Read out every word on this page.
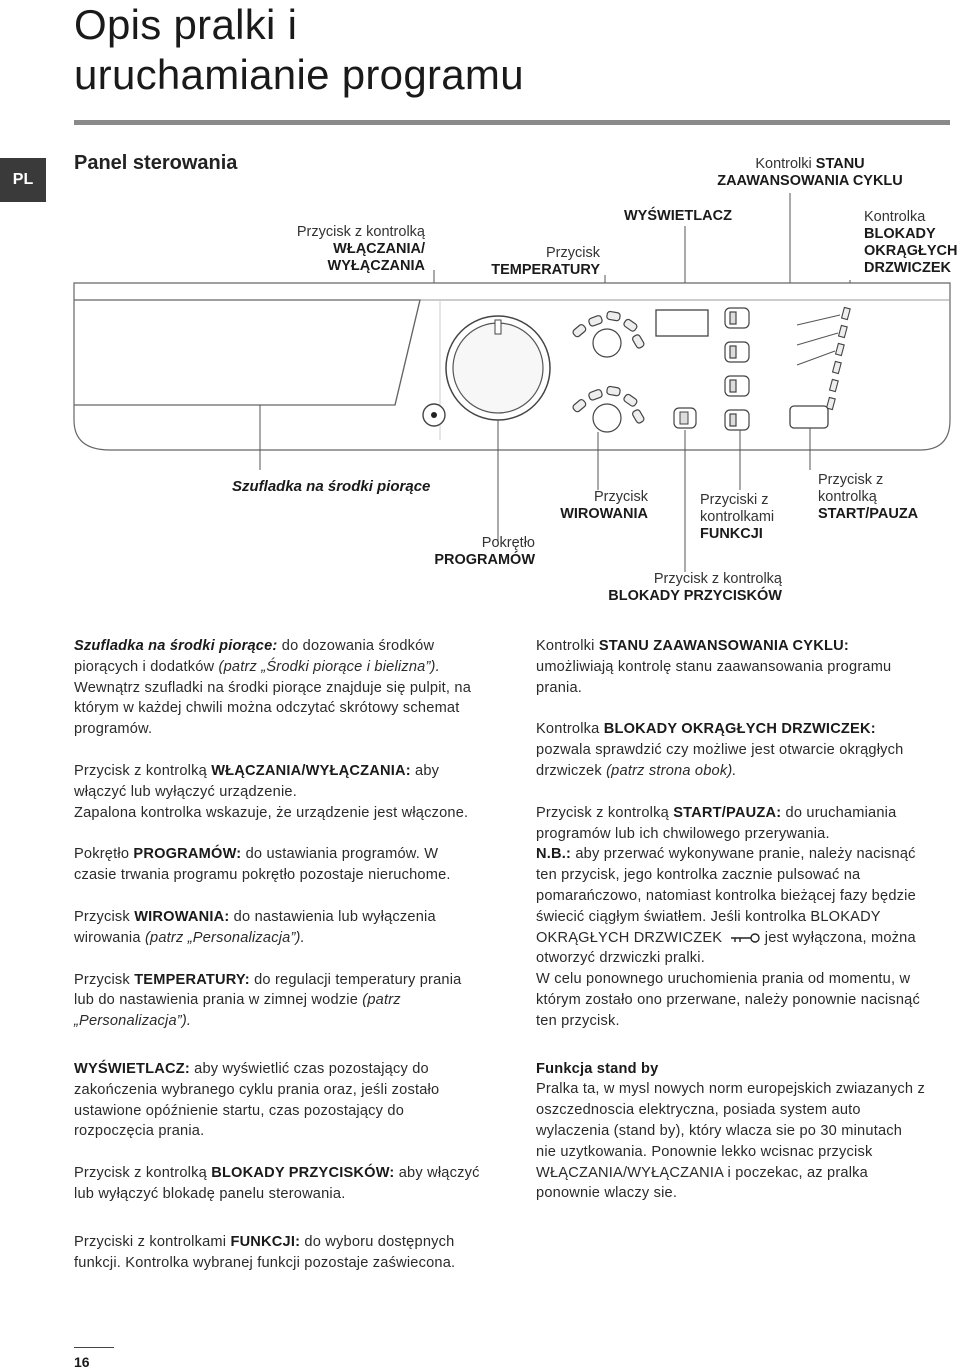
Opis pralki i
uruchamianie programu
PL
Panel sterowania	Kontrolki STANU
ZAAWANSOWANIA CYKLU
Przycisk z kontrolką
WŁĄCZANIA/
WYŁĄCZANIA
Przycisk
TEMPERATURY
WYŚWIETLACZ	Kontrolka
BLOKADY
OKRĄGŁYCH
DRZWICZEK
Szufladka na środki piorące
Pokrętło
PROGRAMÓW
Przycisk
WIROWANIA
Przyciski z
kontrolkami
FUNKCJI
Przycisk z
kontrolką
START/PAUZA
Przycisk z kontrolką
BLOKADY PRZYCISKÓW

Szufladka na środki piorące: do dozowania środków piorących i dodatków (patrz „Środki piorące i bielizna”).
Wewnątrz szufladki na środki piorące znajduje się pulpit, na którym w każdej chwili można odczytać skrótowy schemat programów.

Przycisk z kontrolką WŁĄCZANIA/WYŁĄCZANIA: aby włączyć lub wyłączyć urządzenie.
Zapalona kontrolka wskazuje, że urządzenie jest włączone.

Pokrętło PROGRAMÓW: do ustawiania programów. W czasie trwania programu pokrętło pozostaje nieruchome.

Przycisk WIROWANIA: do nastawienia lub wyłączenia wirowania (patrz „Personalizacja”).

Przycisk TEMPERATURY: do regulacji temperatury prania lub do nastawienia prania w zimnej wodzie (patrz „Personalizacja”).

WYŚWIETLACZ: aby wyświetlić czas pozostający do zakończenia wybranego cyklu prania oraz, jeśli zostało ustawione opóźnienie startu, czas pozostający do rozpoczęcia prania.

Przycisk z kontrolką BLOKADY PRZYCISKÓW: aby włączyć lub wyłączyć blokadę panelu sterowania.

Przyciski z kontrolkami FUNKCJI: do wyboru dostępnych funkcji. Kontrolka wybranej funkcji pozostaje zaświecona.

Kontrolki STANU ZAAWANSOWANIA CYKLU: umożliwiają kontrolę stanu zaawansowania programu prania.

Kontrolka BLOKADY OKRĄGŁYCH DRZWICZEK: pozwala sprawdzić czy możliwe jest otwarcie okrągłych drzwiczek (patrz strona obok).

Przycisk z kontrolką START/PAUZA: do uruchamiania programów lub ich chwilowego przerywania.
N.B.: aby przerwać wykonywane pranie, należy nacisnąć ten przycisk, jego kontrolka zacznie pulsować na pomarańczowo, natomiast kontrolka bieżącej fazy będzie świecić ciągłym światłem. Jeśli kontrolka BLOKADY OKRĄGŁYCH DRZWICZEK  jest wyłączona, można otworzyć drzwiczki pralki.
W celu ponownego uruchomienia prania od momentu, w którym zostało ono przerwane, należy ponownie nacisnąć ten przycisk.

Funkcja stand by
Pralka ta, w mysl nowych norm europejskich zwiazanych z oszczednoscia elektryczna, posiada system auto wylaczenia (stand by), który wlacza sie po 30 minutach nie uzytkowania. Ponownie lekko wcisnac przycisk WŁĄCZANIA/WYŁĄCZANIA i poczekac, az pralka ponownie wlaczy sie.

16
